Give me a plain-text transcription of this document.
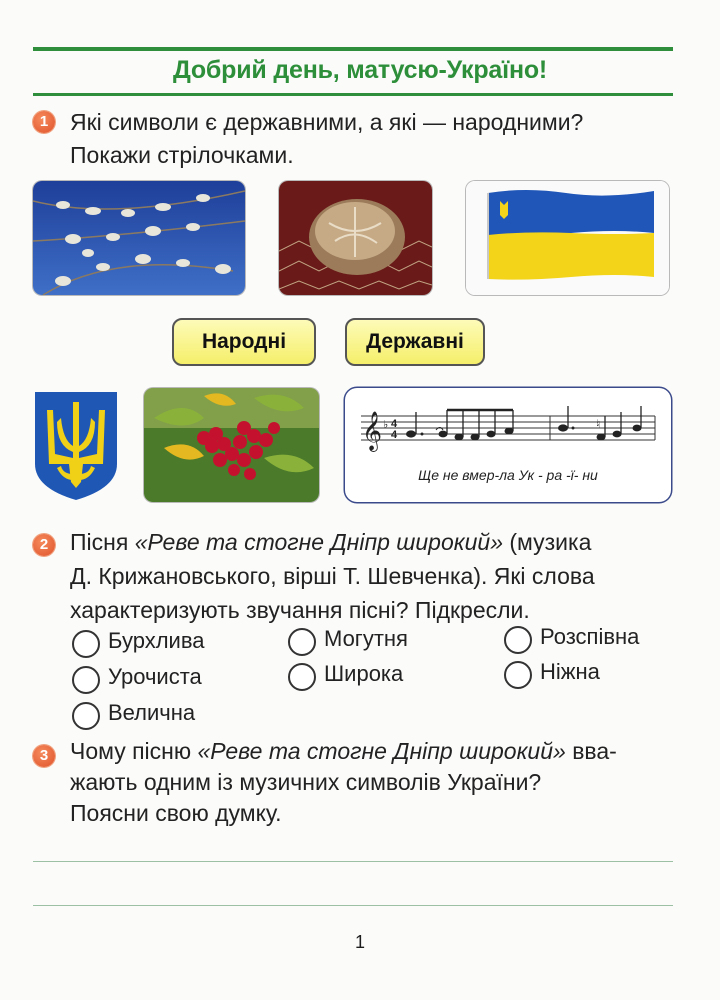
Добрий день, матусю-Україно!
1 Які символи є державними, а які — народними?
Покажи стрілочками.
Народні	Державні
𝄞 ♭ 4
4
♮
Ще не вмер-ла Ук - ра -ї- ни
2 Пісня «Реве та стогне Дніпр широкий» (музика
Д. Крижановського, вірші Т. Шевченка). Які слова
характеризують звучання пісні? Підкресли.
Бурхлива	Могутня	Розспівна
Урочиста	Широка	Ніжна
Велична
3 Чому пісню «Реве та стогне Дніпр широкий» вва-
жають одним із музичних символів України?
Поясни свою думку.
1
